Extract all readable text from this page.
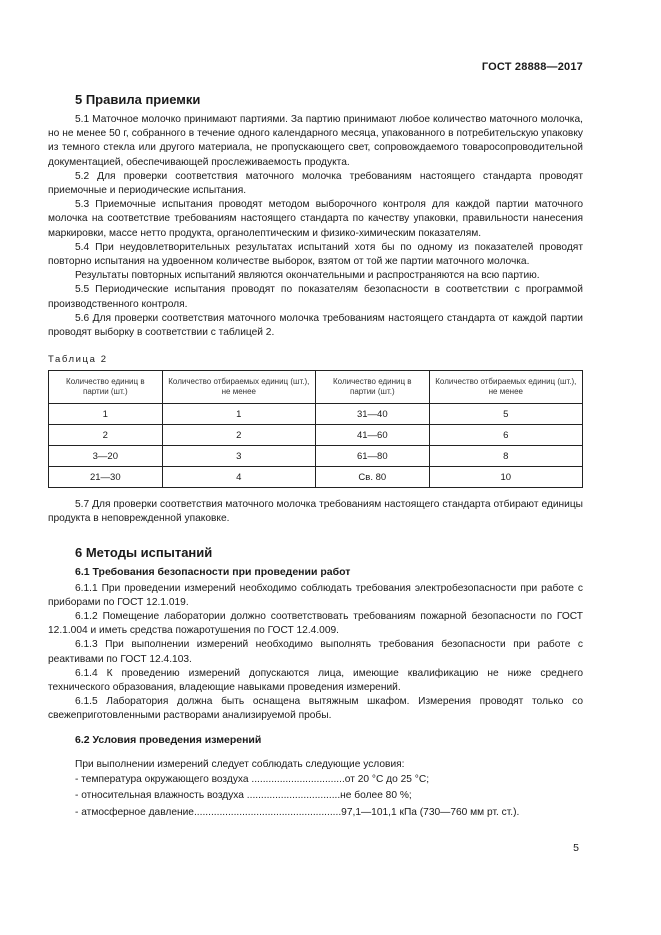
ГОСТ 28888—2017
5 Правила приемки

5.1 Маточное молочко принимают партиями. За партию принимают любое количество маточного молочка, но не менее 50 г, собранного в течение одного календарного месяца, упакованного в потребительскую упаковку из темного стекла или другого материала, не пропускающего свет, сопровождаемого товаросопроводительной документацией, обеспечивающей прослеживаемость продукта.

5.2 Для проверки соответствия маточного молочка требованиям настоящего стандарта проводят приемочные и периодические испытания.

5.3 Приемочные испытания проводят методом выборочного контроля для каждой партии маточного молочка на соответствие требованиям настоящего стандарта по качеству упаковки, правильности нанесения маркировки, массе нетто продукта, органолептическим и физико-химическим показателям.

5.4 При неудовлетворительных результатах испытаний хотя бы по одному из показателей проводят повторно испытания на удвоенном количестве выборок, взятом от той же партии маточного молочка.

Результаты повторных испытаний являются окончательными и распространяются на всю партию.

5.5 Периодические испытания проводят по показателям безопасности в соответствии с программой производственного контроля.

5.6 Для проверки соответствия маточного молочка требованиям настоящего стандарта от каждой партии проводят выборку в соответствии с таблицей 2.

Таблица 2
Количество единиц в партии (шт.)	Количество отбираемых единиц (шт.), не менее	Количество единиц в партии (шт.)	Количество отбираемых единиц (шт.), не менее
1	1	31—40	5
2	2	41—60	6
3—20	3	61—80	8
21—30	4	Св. 80	10

5.7 Для проверки соответствия маточного молочка требованиям настоящего стандарта отбирают единицы продукта в неповрежденной упаковке.

6 Методы испытаний
6.1 Требования безопасности при проведении работ

6.1.1 При проведении измерений необходимо соблюдать требования электробезопасности при работе с приборами по ГОСТ 12.1.019.

6.1.2 Помещение лаборатории должно соответствовать требованиям пожарной безопасности по ГОСТ 12.1.004 и иметь средства пожаротушения по ГОСТ 12.4.009.

6.1.3 При выполнении измерений необходимо выполнять требования безопасности при работе с реактивами по ГОСТ 12.4.103.

6.1.4 К проведению измерений допускаются лица, имеющие квалификацию не ниже среднего технического образования, владеющие навыками проведения измерений.

6.1.5 Лаборатория должна быть оснащена вытяжным шкафом. Измерения проводят только со свежеприготовленными растворами анализируемой пробы.

6.2 Условия проведения измерений

При выполнении измерений следует соблюдать следующие условия:

- температура окружающего воздуха .................................от 20 °С до 25 °С;
- относительная влажность воздуха .................................не более 80 %;
- атмосферное давление....................................................97,1—101,1 кПа (730—760 мм рт. ст.).
5
